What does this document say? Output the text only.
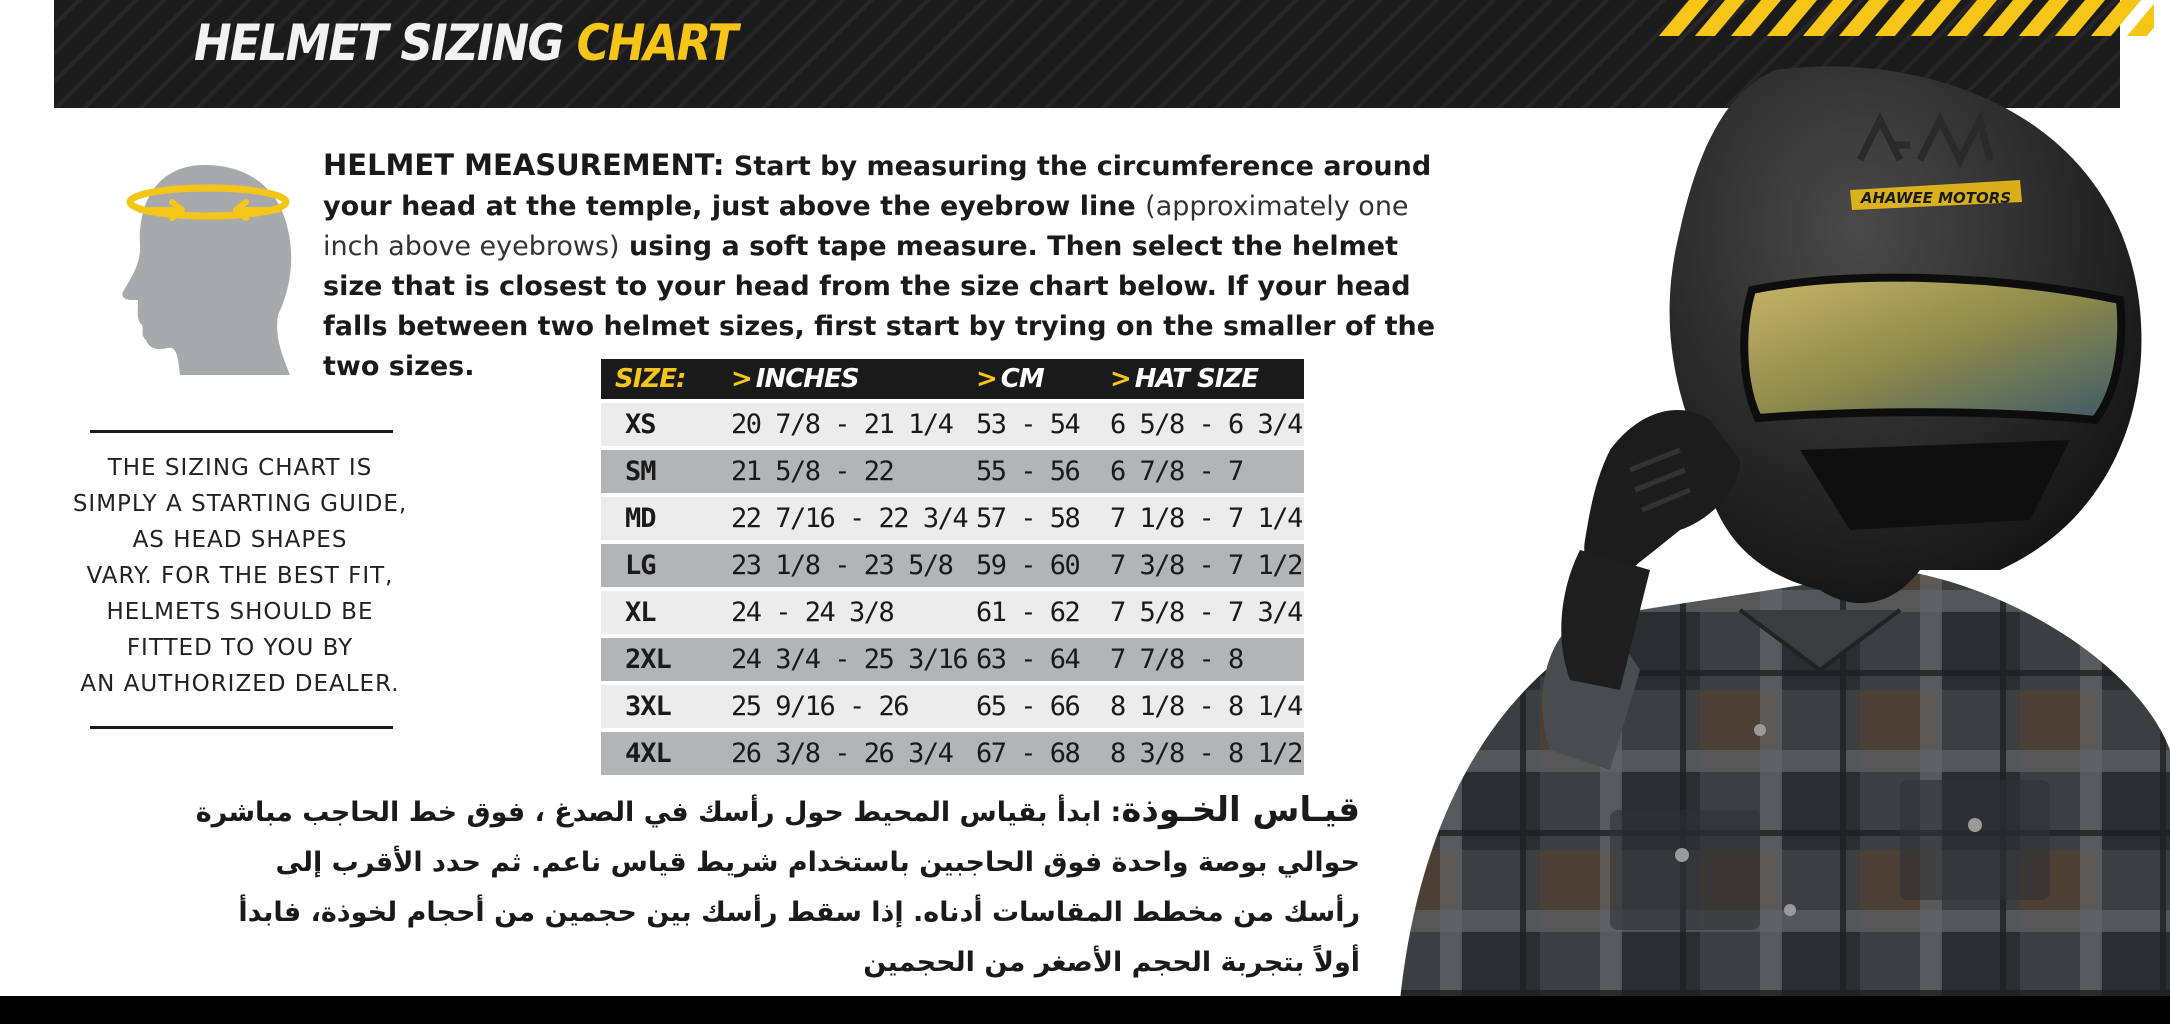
HELMET SIZING CHART
HELMET MEASUREMENT: Start by measuring the circumference around your head at the temple, just above the eyebrow line (approximately one inch above eyebrows) using a soft tape measure. Then select the helmet size that is closest to your head from the size chart below. If your head falls between two helmet sizes, first start by trying on the smaller of the two sizes.
THE SIZING CHART IS
SIMPLY A STARTING GUIDE,
AS HEAD SHAPES
VARY. FOR THE BEST FIT,
HELMETS SHOULD BE
FITTED TO YOU BY
AN AUTHORIZED DEALER.
SIZE:	> INCHES	> CM	> HAT SIZE
XS	20 7/8 - 21 1/4	53 - 54	6 5/8 - 6 3/4
SM	21 5/8 - 22	55 - 56	6 7/8 - 7
MD	22 7/16 - 22 3/4	57 - 58	7 1/8 - 7 1/4
LG	23 1/8 - 23 5/8	59 - 60	7 3/8 - 7 1/2
XL	24 - 24 3/8	61 - 62	7 5/8 - 7 3/4
2XL	24 3/4 - 25 3/16	63 - 64	7 7/8 - 8
3XL	25 9/16 - 26	65 - 66	8 1/8 - 8 1/4
4XL	26 3/8 - 26 3/4	67 - 68	8 3/8 - 8 1/2
قيـاس الخـوذة: ابدأ بقياس المحيط حول رأسك في الصدغ ، فوق خط الحاجب مباشرة حوالي بوصة واحدة فوق الحاجبين باستخدام شريط قياس ناعم. ثم حدد الأقرب إلى رأسك من مخطط المقاسات أدناه. إذا سقط رأسك بين حجمين من أحجام لخوذة، فابدأ أولاً بتجربة الحجم الأصغر من الحجمين
AHAWEE MOTORS
